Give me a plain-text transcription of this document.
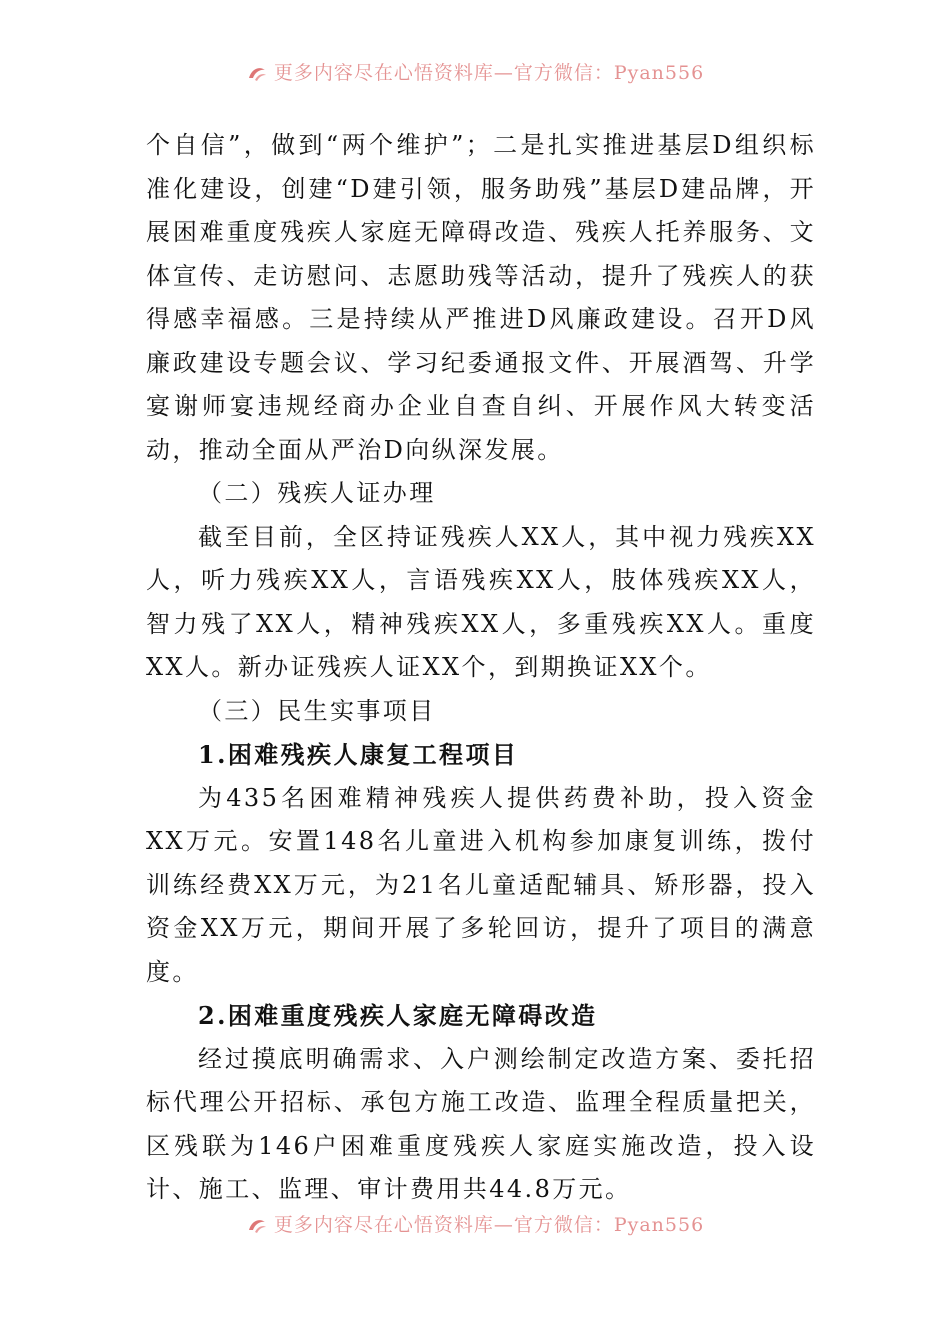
更多内容尽在心悟资料库—官方微信：Pyan556

个自信”，做到“两个维护”；二是扎实推进基层D组织标准化建设，创建“D建引领，服务助残”基层D建品牌，开展困难重度残疾人家庭无障碍改造、残疾人托养服务、文体宣传、走访慰问、志愿助残等活动，提升了残疾人的获得感幸福感。三是持续从严推进D风廉政建设。召开D风廉政建设专题会议、学习纪委通报文件、开展酒驾、升学宴谢师宴违规经商办企业自查自纠、开展作风大转变活动，推动全面从严治D向纵深发展。

（二）残疾人证办理

截至目前，全区持证残疾人XX人，其中视力残疾XX人，听力残疾XX人，言语残疾XX人，肢体残疾XX人，智力残了XX人，精神残疾XX人，多重残疾XX人。重度XX人。新办证残疾人证XX个，到期换证XX个。

（三）民生实事项目

1.困难残疾人康复工程项目

为435名困难精神残疾人提供药费补助，投入资金XX万元。安置148名儿童进入机构参加康复训练，拨付训练经费XX万元，为21名儿童适配辅具、矫形器，投入资金XX万元，期间开展了多轮回访，提升了项目的满意度。

2.困难重度残疾人家庭无障碍改造

经过摸底明确需求、入户测绘制定改造方案、委托招标代理公开招标、承包方施工改造、监理全程质量把关，区残联为146户困难重度残疾人家庭实施改造，投入设计、施工、监理、审计费用共44.8万元。

更多内容尽在心悟资料库—官方微信：Pyan556
